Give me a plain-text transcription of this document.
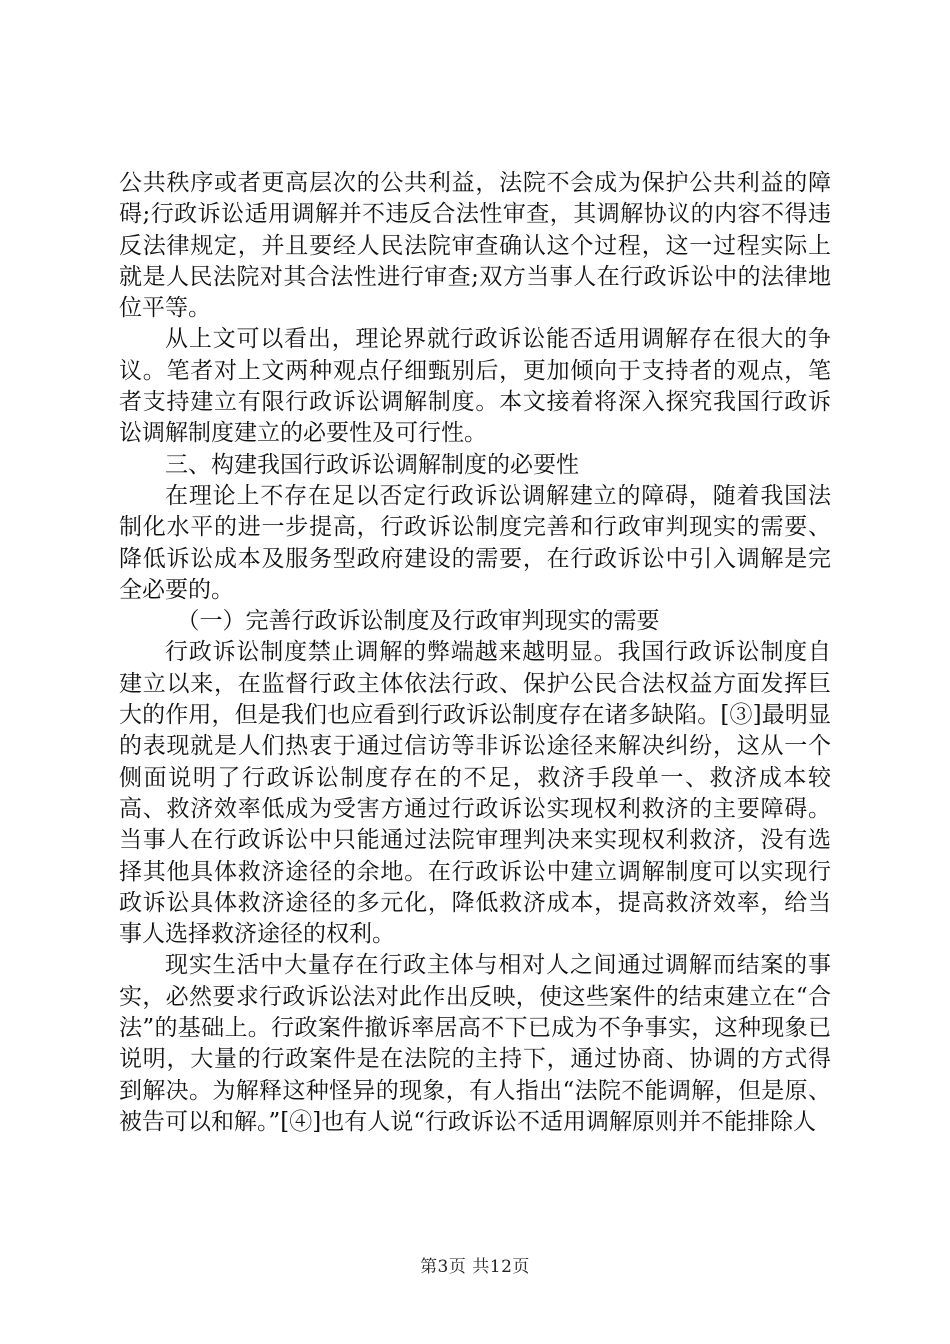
公共秩序或者更高层次的公共利益，法院不会成为保护公共利益的障碍;行政诉讼适用调解并不违反合法性审查，其调解协议的内容不得违反法律规定，并且要经人民法院审查确认这个过程，这一过程实际上就是人民法院对其合法性进行审查;双方当事人在行政诉讼中的法律地位平等。

从上文可以看出，理论界就行政诉讼能否适用调解存在很大的争议。笔者对上文两种观点仔细甄别后，更加倾向于支持者的观点，笔者支持建立有限行政诉讼调解制度。本文接着将深入探究我国行政诉讼调解制度建立的必要性及可行性。

三、构建我国行政诉讼调解制度的必要性

在理论上不存在足以否定行政诉讼调解建立的障碍，随着我国法制化水平的进一步提高，行政诉讼制度完善和行政审判现实的需要、降低诉讼成本及服务型政府建设的需要，在行政诉讼中引入调解是完全必要的。

（一）完善行政诉讼制度及行政审判现实的需要

行政诉讼制度禁止调解的弊端越来越明显。我国行政诉讼制度自建立以来，在监督行政主体依法行政、保护公民合法权益方面发挥巨大的作用，但是我们也应看到行政诉讼制度存在诸多缺陷。[③]最明显的表现就是人们热衷于通过信访等非诉讼途径来解决纠纷，这从一个侧面说明了行政诉讼制度存在的不足，救济手段单一、救济成本较高、救济效率低成为受害方通过行政诉讼实现权利救济的主要障碍。当事人在行政诉讼中只能通过法院审理判决来实现权利救济，没有选择其他具体救济途径的余地。在行政诉讼中建立调解制度可以实现行政诉讼具体救济途径的多元化，降低救济成本，提高救济效率，给当事人选择救济途径的权利。

现实生活中大量存在行政主体与相对人之间通过调解而结案的事实，必然要求行政诉讼法对此作出反映，使这些案件的结束建立在“合法”的基础上。行政案件撤诉率居高不下已成为不争事实，这种现象已说明，大量的行政案件是在法院的主持下，通过协商、协调的方式得到解决。为解释这种怪异的现象，有人指出“法院不能调解，但是原、被告可以和解。”[④]也有人说“行政诉讼不适用调解原则并不能排除人

第3页 共12页
